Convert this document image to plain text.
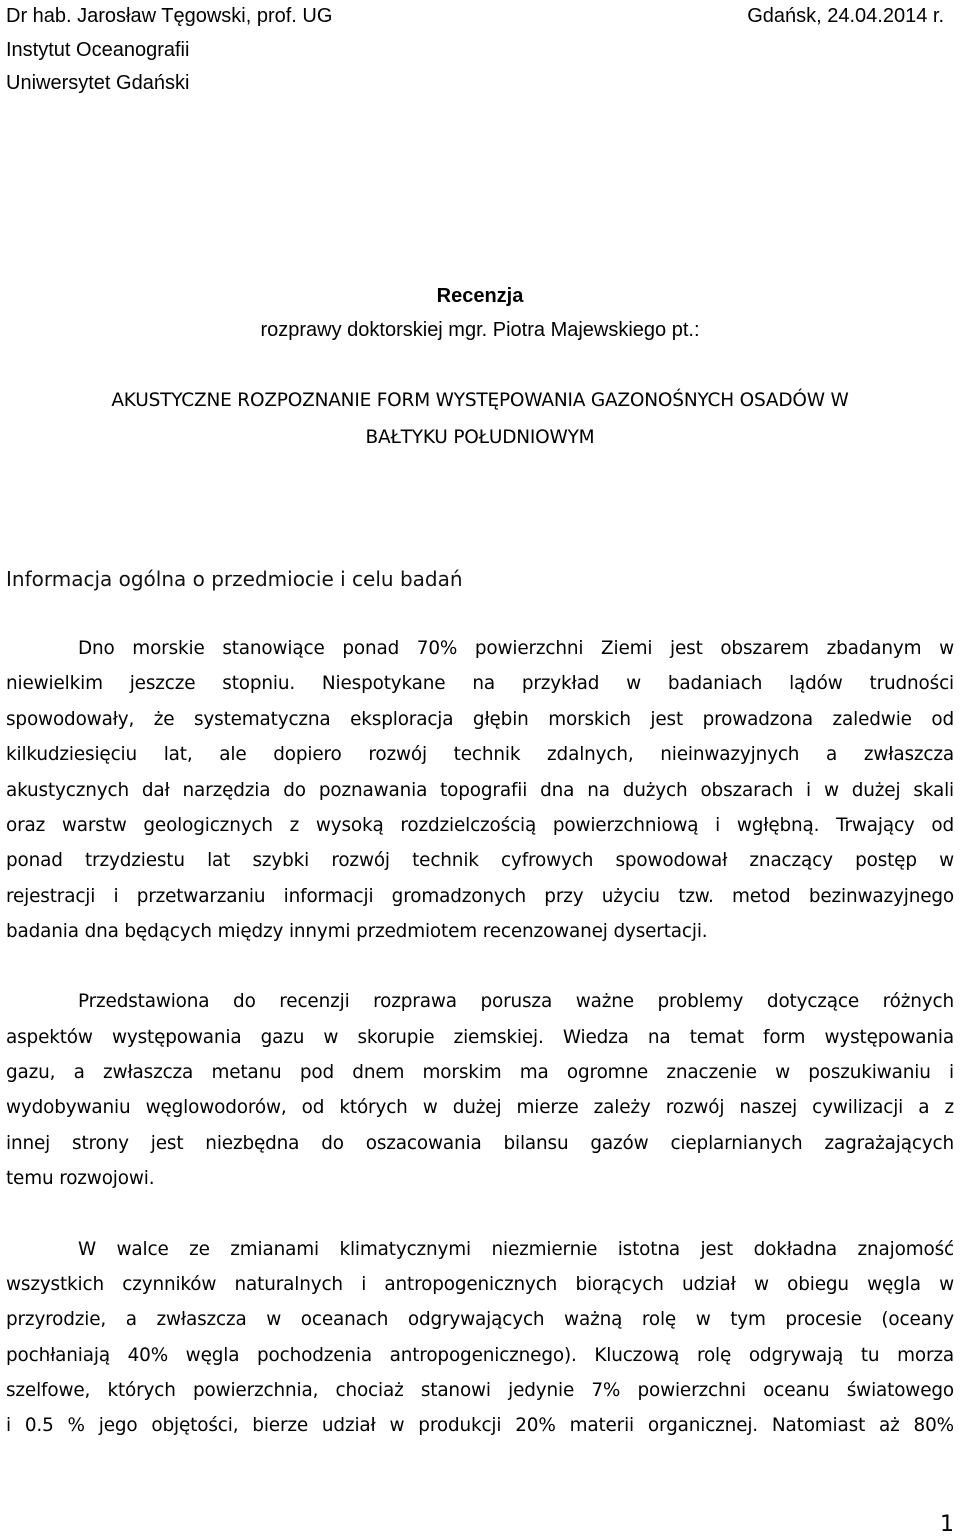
Dr hab. Jarosław Tęgowski, prof. UG	Gdańsk, 24.04.2014 r.
Instytut Oceanografii
Uniwersytet Gdański
Recenzja
rozprawy doktorskiej mgr. Piotra Majewskiego pt.:
AKUSTYCZNE ROZPOZNANIE FORM WYSTĘPOWANIA GAZONOŚNYCH OSADÓW W
BAŁTYKU POŁUDNIOWYM
Informacja ogólna o przedmiocie i celu badań
Dno morskie stanowiące ponad 70% powierzchni Ziemi jest obszarem zbadanym w
niewielkim jeszcze stopniu. Niespotykane na przykład w badaniach lądów trudności
spowodowały, że systematyczna eksploracja głębin morskich jest prowadzona zaledwie od
kilkudziesięciu lat, ale dopiero rozwój technik zdalnych, nieinwazyjnych a zwłaszcza
akustycznych dał narzędzia do poznawania topografii dna na dużych obszarach i w dużej skali
oraz warstw geologicznych z wysoką rozdzielczością powierzchniową i wgłębną. Trwający od
ponad trzydziestu lat szybki rozwój technik cyfrowych spowodował znaczący postęp w
rejestracji i przetwarzaniu informacji gromadzonych przy użyciu tzw. metod bezinwazyjnego
badania dna będących między innymi przedmiotem recenzowanej dysertacji.
Przedstawiona do recenzji rozprawa porusza ważne problemy dotyczące różnych
aspektów występowania gazu w skorupie ziemskiej. Wiedza na temat form występowania
gazu, a zwłaszcza metanu pod dnem morskim ma ogromne znaczenie w poszukiwaniu i
wydobywaniu węglowodorów, od których w dużej mierze zależy rozwój naszej cywilizacji a z
innej strony jest niezbędna do oszacowania bilansu gazów cieplarnianych zagrażających
temu rozwojowi.
W walce ze zmianami klimatycznymi niezmiernie istotna jest dokładna znajomość
wszystkich czynników naturalnych i antropogenicznych biorących udział w obiegu węgla w
przyrodzie, a zwłaszcza w oceanach odgrywających ważną rolę w tym procesie (oceany
pochłaniają 40% węgla pochodzenia antropogenicznego). Kluczową rolę odgrywają tu morza
szelfowe, których powierzchnia, chociaż stanowi jedynie 7% powierzchni oceanu światowego
i 0.5 % jego objętości, bierze udział w produkcji 20% materii organicznej. Natomiast aż 80%
1
